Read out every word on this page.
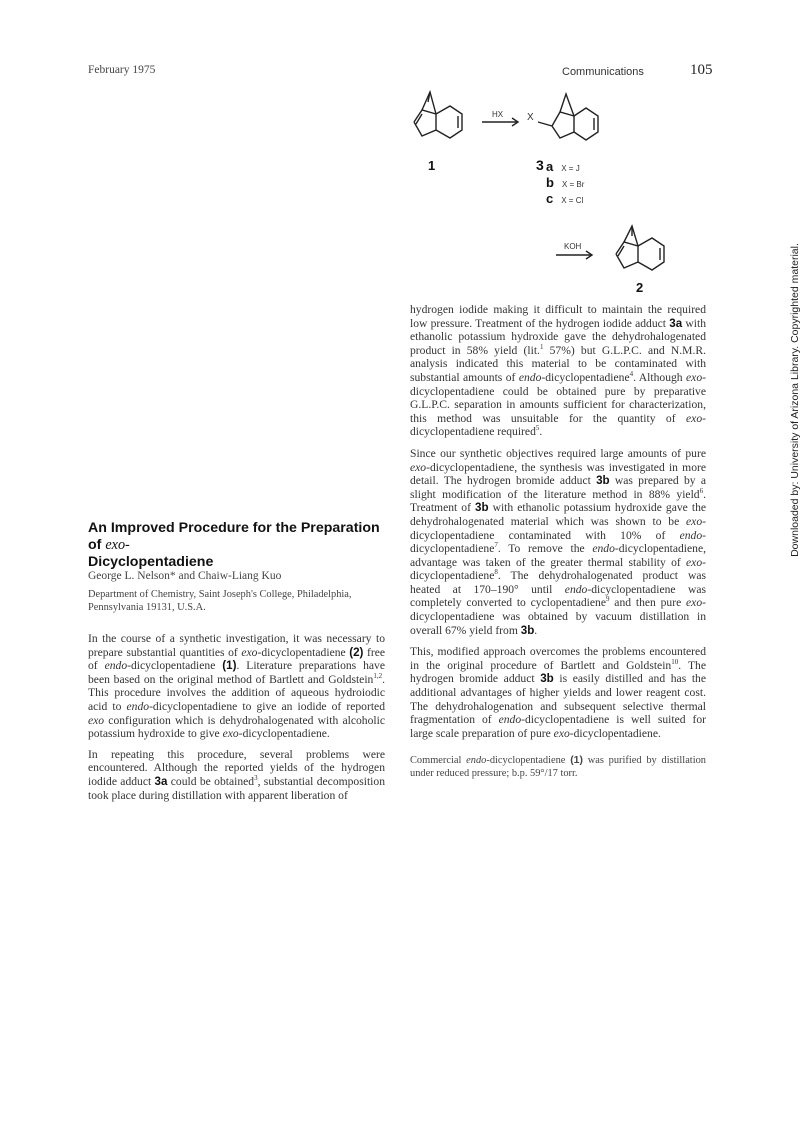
February 1975	Communications	105
HX X
KOH
1	3 a X = J
b X = Br
c X = Cl
2
An Improved Procedure for the Preparation of exo-
Dicyclopentadiene
George L. Nelson* and Chaiw-Liang Kuo
Department of Chemistry, Saint Joseph's College, Philadelphia, Pennsylvania 19131, U.S.A.

In the course of a synthetic investigation, it was necessary to prepare substantial quantities of exo-dicyclopentadiene (2) free of endo-dicyclopentadiene (1). Literature preparations have been based on the original method of Bartlett and Goldstein$^{1,2}$. This procedure involves the addition of aqueous hydroiodic acid to endo-dicyclopentadiene to give an iodide of reported exo configuration which is dehydrohalogenated with alcoholic potassium hydroxide to give exo-dicyclopentadiene.

In repeating this procedure, several problems were encountered. Although the reported yields of the hydrogen iodide adduct 3a could be obtained$^3$, substantial decomposition took place during distillation with apparent liberation of

hydrogen iodide making it difficult to maintain the required low pressure. Treatment of the hydrogen iodide adduct 3a with ethanolic potassium hydroxide gave the dehydrohalogenated product in 58% yield (lit.$^1$ 57%) but G.L.P.C. and N.M.R. analysis indicated this material to be contaminated with substantial amounts of endo-dicyclopentadiene$^4$. Although exo-dicyclopentadiene could be obtained pure by preparative G.L.P.C. separation in amounts sufficient for characterization, this method was unsuitable for the quantity of exo-dicyclopentadiene required$^5$.

Since our synthetic objectives required large amounts of pure exo-dicyclopentadiene, the synthesis was investigated in more detail. The hydrogen bromide adduct 3b was prepared by a slight modification of the literature method in 88% yield$^6$. Treatment of 3b with ethanolic potassium hydroxide gave the dehydrohalogenated material which was shown to be exo-dicyclopentadiene contaminated with 10% of endo-dicyclopentadiene$^7$. To remove the endo-dicyclopentadiene, advantage was taken of the greater thermal stability of exo-dicyclopentadiene$^8$. The dehydrohalogenated product was heated at 170–190° until endo-dicyclopentadiene was completely converted to cyclopentadiene$^9$ and then pure exo-dicyclopentadiene was obtained by vacuum distillation in overall 67% yield from 3b.

This, modified approach overcomes the problems encountered in the original procedure of Bartlett and Goldstein$^{10}$. The hydrogen bromide adduct 3b is easily distilled and has the additional advantages of higher yields and lower reagent cost. The dehydrohalogenation and subsequent selective thermal fragmentation of endo-dicyclopentadiene is well suited for large scale preparation of pure exo-dicyclopentadiene.

Commercial endo-dicyclopentadiene (1) was purified by distillation under reduced pressure; b.p. 59°/17 torr.

Downloaded by: University of Arizona Library. Copyrighted material.
